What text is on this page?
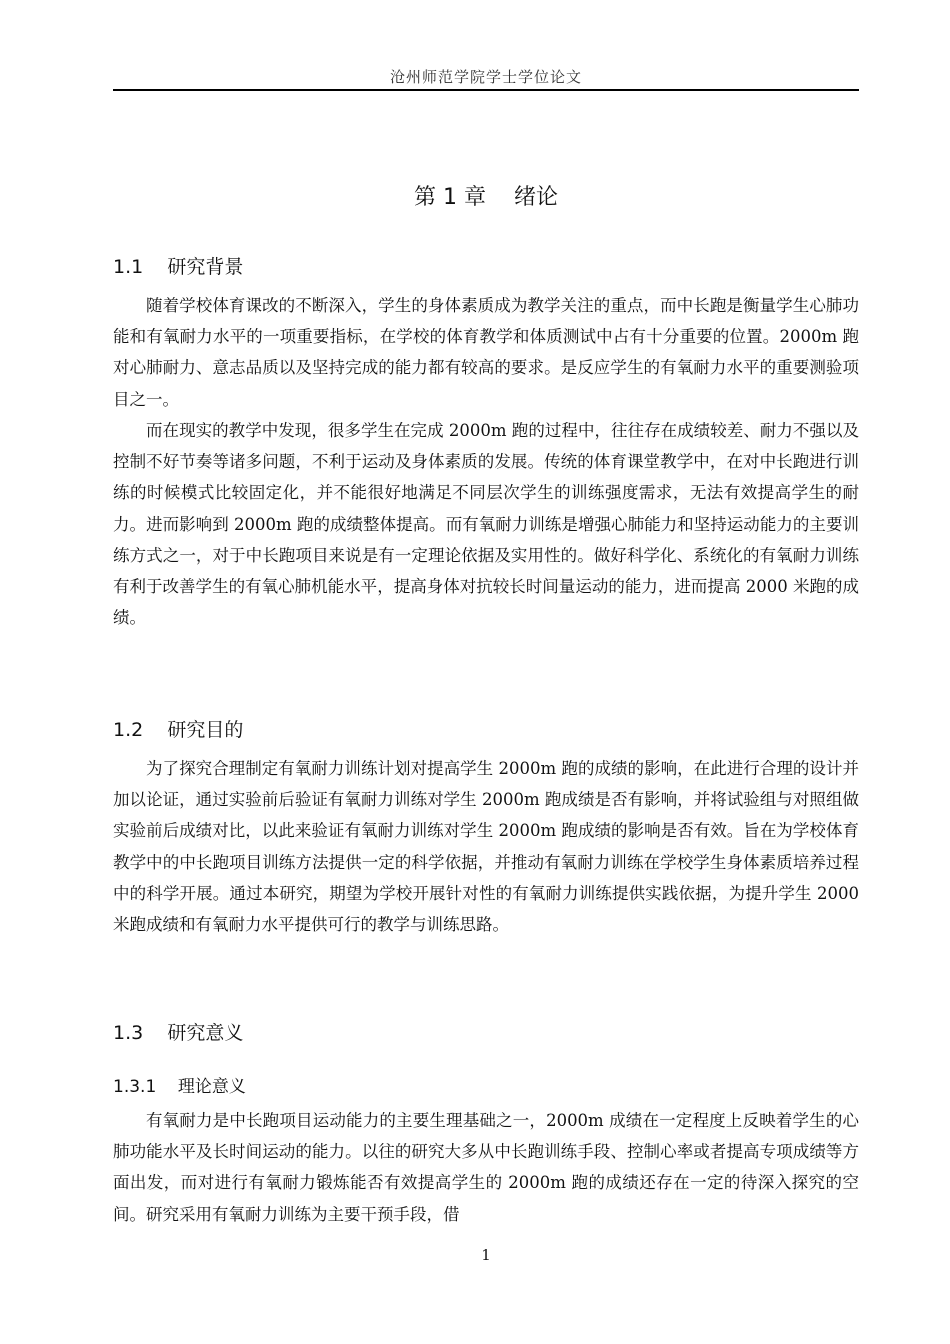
沧州师范学院学士学位论文
第 1 章    绪论
1.1    研究背景

随着学校体育课改的不断深入，学生的身体素质成为教学关注的重点，而中长跑是衡量学生心肺功能和有氧耐力水平的一项重要指标，在学校的体育教学和体质测试中占有十分重要的位置。2000m 跑对心肺耐力、意志品质以及坚持完成的能力都有较高的要求。是反应学生的有氧耐力水平的重要测验项目之一。

而在现实的教学中发现，很多学生在完成 2000m 跑的过程中，往往存在成绩较差、耐力不强以及控制不好节奏等诸多问题，不利于运动及身体素质的发展。传统的体育课堂教学中，在对中长跑进行训练的时候模式比较固定化，并不能很好地满足不同层次学生的训练强度需求，无法有效提高学生的耐力。进而影响到 2000m 跑的成绩整体提高。而有氧耐力训练是增强心肺能力和坚持运动能力的主要训练方式之一，对于中长跑项目来说是有一定理论依据及实用性的。做好科学化、系统化的有氧耐力训练有利于改善学生的有氧心肺机能水平，提高身体对抗较长时间量运动的能力，进而提高 2000 米跑的成绩。

1.2    研究目的

为了探究合理制定有氧耐力训练计划对提高学生 2000m 跑的成绩的影响，在此进行合理的设计并加以论证，通过实验前后验证有氧耐力训练对学生 2000m 跑成绩是否有影响，并将试验组与对照组做实验前后成绩对比，以此来验证有氧耐力训练对学生 2000m 跑成绩的影响是否有效。旨在为学校体育教学中的中长跑项目训练方法提供一定的科学依据，并推动有氧耐力训练在学校学生身体素质培养过程中的科学开展。通过本研究，期望为学校开展针对性的有氧耐力训练提供实践依据，为提升学生 2000 米跑成绩和有氧耐力水平提供可行的教学与训练思路。

1.3    研究意义
1.3.1    理论意义

有氧耐力是中长跑项目运动能力的主要生理基础之一，2000m 成绩在一定程度上反映着学生的心肺功能水平及长时间运动的能力。以往的研究大多从中长跑训练手段、控制心率或者提高专项成绩等方面出发，而对进行有氧耐力锻炼能否有效提高学生的 2000m 跑的成绩还存在一定的待深入探究的空间。研究采用有氧耐力训练为主要干预手段，借

1
